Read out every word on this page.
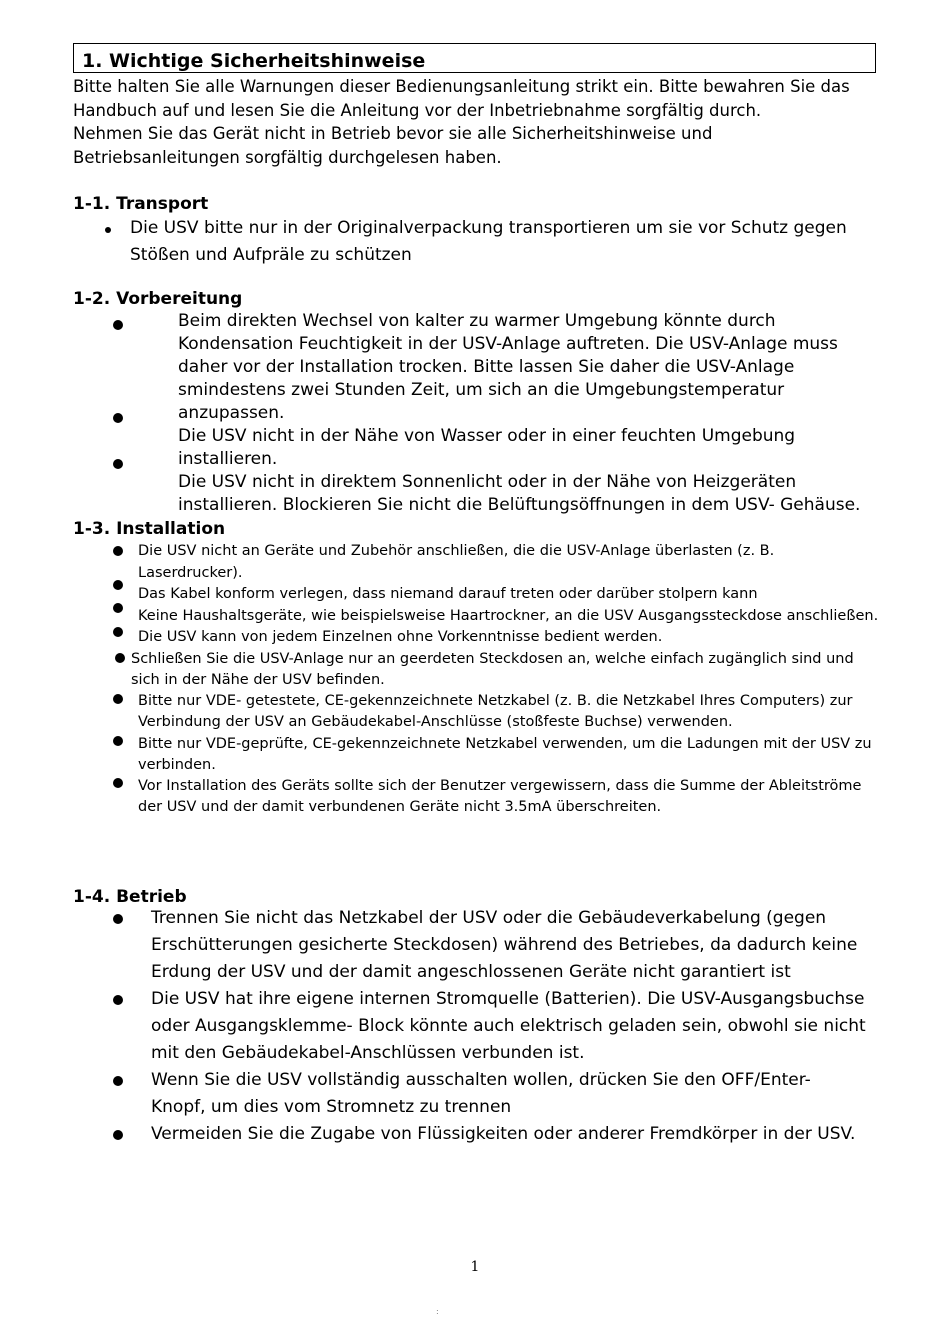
1. Wichtige Sicherheitshinweise
Bitte halten Sie alle Warnungen dieser Bedienungsanleitung strikt ein. Bitte bewahren Sie das
Handbuch auf und lesen Sie die Anleitung vor der Inbetriebnahme sorgfältig durch.
Nehmen Sie das Gerät nicht in Betrieb bevor sie alle Sicherheitshinweise und
Betriebsanleitungen sorgfältig durchgelesen haben.
1-1. Transport
Die USV bitte nur in der Originalverpackung transportieren um sie vor Schutz gegen
Stößen und Aufpräle zu schützen
1-2. Vorbereitung
Beim direkten Wechsel von kalter zu warmer Umgebung könnte durch
Kondensation Feuchtigkeit in der USV-Anlage auftreten. Die USV-Anlage muss
daher vor der Installation trocken. Bitte lassen Sie daher die USV-Anlage
smindestens zwei Stunden Zeit, um sich an die Umgebungstemperatur
anzupassen.
Die USV nicht in der Nähe von Wasser oder in einer feuchten Umgebung
installieren.
Die USV nicht in direktem Sonnenlicht oder in der Nähe von Heizgeräten
installieren. Blockieren Sie nicht die Belüftungsöffnungen in dem USV- Gehäuse.
1-3. Installation
Die USV nicht an Geräte und Zubehör anschließen, die die USV-Anlage überlasten (z. B.
Laserdrucker).
Das Kabel konform verlegen, dass niemand darauf treten oder darüber stolpern kann
Keine Haushaltsgeräte, wie beispielsweise Haartrockner, an die USV Ausgangssteckdose anschließen.
Die USV kann von jedem Einzelnen ohne Vorkenntnisse bedient werden.
Schließen Sie die USV-Anlage nur an geerdeten Steckdosen an, welche einfach zugänglich sind und
sich in der Nähe der USV befinden.
Bitte nur VDE- getestete, CE-gekennzeichnete Netzkabel (z. B. die Netzkabel Ihres Computers) zur
Verbindung der USV an Gebäudekabel-Anschlüsse (stoßfeste Buchse) verwenden.
Bitte nur VDE-geprüfte, CE-gekennzeichnete Netzkabel verwenden, um die Ladungen mit der USV zu
verbinden.
Vor Installation des Geräts sollte sich der Benutzer vergewissern, dass die Summe der Ableitströme
der USV und der damit verbundenen Geräte nicht 3.5mA überschreiten.
1-4. Betrieb
Trennen Sie nicht das Netzkabel der USV oder die Gebäudeverkabelung (gegen
Erschütterungen gesicherte Steckdosen) während des Betriebes, da dadurch keine
Erdung der USV und der damit angeschlossenen Geräte nicht garantiert ist
Die USV hat ihre eigene internen Stromquelle (Batterien). Die USV-Ausgangsbuchse
oder Ausgangsklemme- Block könnte auch elektrisch geladen sein, obwohl sie nicht
mit den Gebäudekabel-Anschlüssen verbunden ist.
Wenn Sie die USV vollständig ausschalten wollen, drücken Sie den OFF/Enter-
Knopf, um dies vom Stromnetz zu trennen
Vermeiden Sie die Zugabe von Flüssigkeiten oder anderer Fremdkörper in der USV.
1
:
